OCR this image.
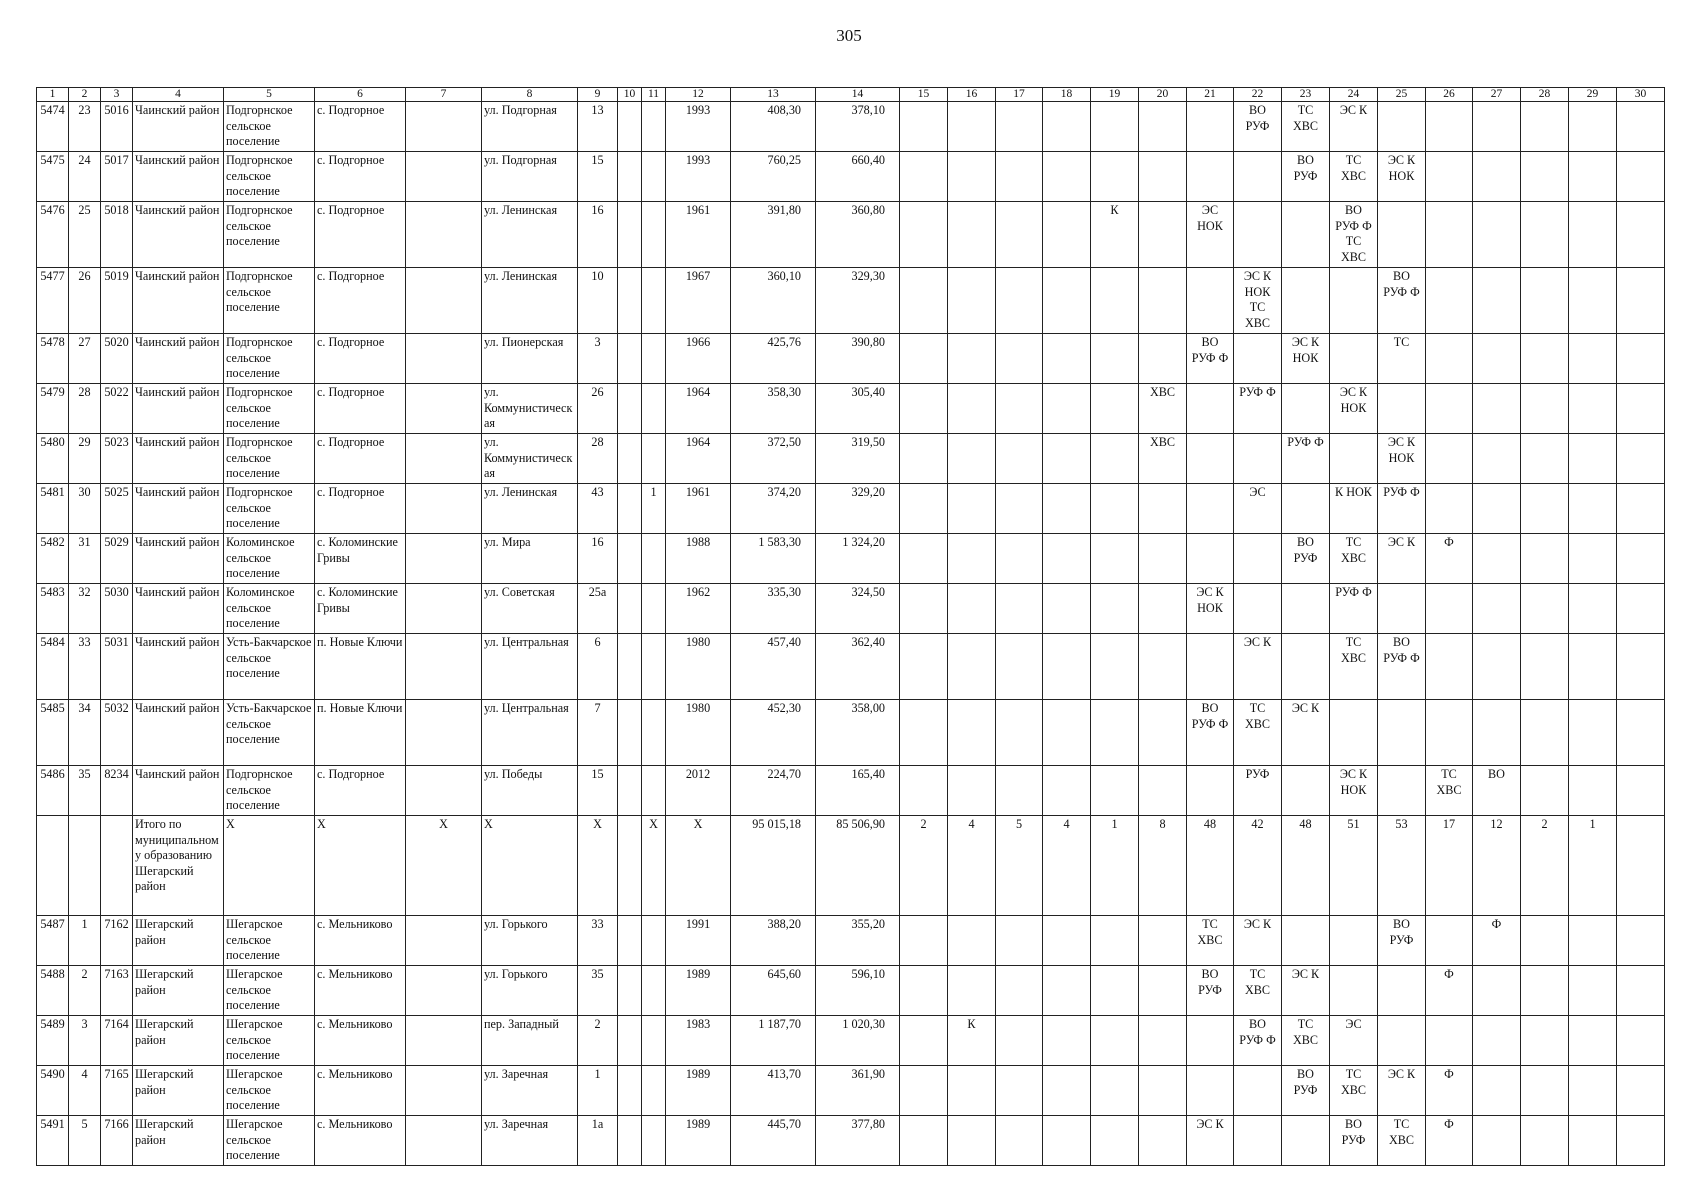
305
1	2	3	4	5	6	7	8	9	10	11	12	13	14	15	16	17	18	19	20	21	22	23	24	25	26	27	28	29	30
5474	23	5016	Чаинский район	Подгорнское сельское поселение	с. Подгорное		ул. Подгорная	13			1993	408,30	378,10								ВО РУФ	ТС ХВС	ЭС К						
5475	24	5017	Чаинский район	Подгорнское сельское поселение	с. Подгорное		ул. Подгорная	15			1993	760,25	660,40									ВО РУФ	ТС ХВС	ЭС К НОК					
5476	25	5018	Чаинский район	Подгорнское сельское поселение	с. Подгорное		ул. Ленинская	16			1961	391,80	360,80					К		ЭС НОК			ВО РУФ Ф ТС ХВС						
5477	26	5019	Чаинский район	Подгорнское сельское поселение	с. Подгорное		ул. Ленинская	10			1967	360,10	329,30								ЭС К НОК ТС ХВС			ВО РУФ Ф					
5478	27	5020	Чаинский район	Подгорнское сельское поселение	с. Подгорное		ул. Пионерская	3			1966	425,76	390,80							ВО РУФ Ф		ЭС К НОК		ТС					
5479	28	5022	Чаинский район	Подгорнское сельское поселение	с. Подгорное		ул. Коммунистическая	26			1964	358,30	305,40						ХВС		РУФ Ф		ЭС К НОК						
5480	29	5023	Чаинский район	Подгорнское сельское поселение	с. Подгорное		ул. Коммунистическая	28			1964	372,50	319,50						ХВС			РУФ Ф		ЭС К НОК					
5481	30	5025	Чаинский район	Подгорнское сельское поселение	с. Подгорное		ул. Ленинская	43		1	1961	374,20	329,20								ЭС		К НОК	РУФ Ф					
5482	31	5029	Чаинский район	Коломинское сельское поселение	с. Коломинские Гривы		ул. Мира	16			1988	1 583,30	1 324,20									ВО РУФ	ТС ХВС	ЭС К	Ф				
5483	32	5030	Чаинский район	Коломинское сельское поселение	с. Коломинские Гривы		ул. Советская	25а			1962	335,30	324,50							ЭС К НОК			РУФ Ф						
5484	33	5031	Чаинский район	Усть-Бакчарское сельское поселение	п. Новые Ключи		ул. Центральная	6			1980	457,40	362,40								ЭС К		ТС ХВС	ВО РУФ Ф					
5485	34	5032	Чаинский район	Усть-Бакчарское сельское поселение	п. Новые Ключи		ул. Центральная	7			1980	452,30	358,00							ВО РУФ Ф	ТС ХВС	ЭС К							
5486	35	8234	Чаинский район	Подгорнское сельское поселение	с. Подгорное		ул. Победы	15			2012	224,70	165,40								РУФ		ЭС К НОК		ТС ХВС	ВО			
			Итого по муниципальному образованию Шегарский район	Х	Х	Х	Х	Х		Х	Х	95 015,18	85 506,90	2	4	5	4	1	8	48	42	48	51	53	17	12	2	1	
5487	1	7162	Шегарский район	Шегарское сельское поселение	с. Мельниково		ул. Горького	33			1991	388,20	355,20							ТС ХВС	ЭС К			ВО РУФ		Ф			
5488	2	7163	Шегарский район	Шегарское сельское поселение	с. Мельниково		ул. Горького	35			1989	645,60	596,10							ВО РУФ	ТС ХВС	ЭС К			Ф				
5489	3	7164	Шегарский район	Шегарское сельское поселение	с. Мельниково		пер. Западный	2			1983	1 187,70	1 020,30		К						ВО РУФ Ф	ТС ХВС	ЭС						
5490	4	7165	Шегарский район	Шегарское сельское поселение	с. Мельниково		ул. Заречная	1			1989	413,70	361,90									ВО РУФ	ТС ХВС	ЭС К	Ф				
5491	5	7166	Шегарский район	Шегарское сельское поселение	с. Мельниково		ул. Заречная	1а			1989	445,70	377,80							ЭС К			ВО РУФ	ТС ХВС	Ф				
